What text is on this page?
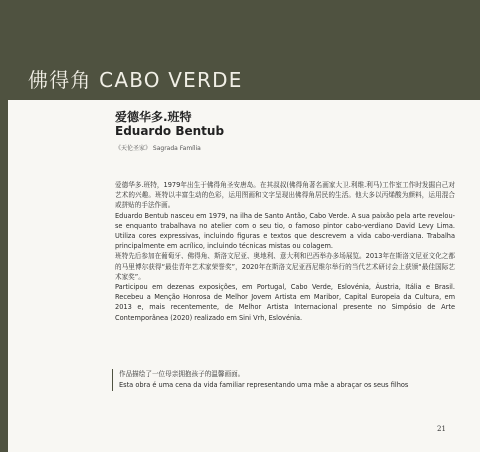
佛得角 CABO VERDE
爱德华多.班特
Eduardo Bentub
《天伦圣家》 Sagrada Família

爱德华多.班特，1979年出生于佛得角圣安唐岛。在其叔叔(佛得角著名画家大卫.利维.利马)工作室工作时发掘自己对艺术的兴趣。班特以丰富生动的色彩，运用图画和文字呈现出佛得角居民的生活。他大多以丙烯酸为颜料，运用混合或拼贴的手法作画。

Eduardo Bentub nasceu em 1979, na ilha de Santo Antão, Cabo Verde. A sua paixão pela arte revelou-se enquanto trabalhava no atelier com o seu tio, o famoso pintor cabo-verdiano David Levy Lima. Utiliza cores expressivas, incluindo figuras e textos que descrevem a vida cabo-verdiana. Trabalha principalmente em acrílico, incluindo técnicas mistas ou colagem.

班特先后参加在葡萄牙、佛得角、斯洛文尼亚、奥地利、意大利和巴西举办多场展览。2013年在斯洛文尼亚文化之都的马里博尔获得“最佳青年艺术家荣誉奖”，2020年在斯洛文尼亚西尼维尔举行的当代艺术研讨会上获颁“最佳国际艺术家奖”。

Participou em dezenas exposições, em Portugal, Cabo Verde, Eslovénia, Áustria, Itália e Brasil. Recebeu a Menção Honrosa de Melhor Jovem Artista em Maribor, Capital Europeia da Cultura, em 2013 e, mais recentemente, de Melhor Artista Internacional presente no Simpósio de Arte Contemporânea (2020) realizado em Sini Vrh, Eslovénia.

作品描绘了一位母亲拥抱孩子的温馨画面。

Esta obra é uma cena da vida familiar representando uma mãe a abraçar os seus filhos

21
